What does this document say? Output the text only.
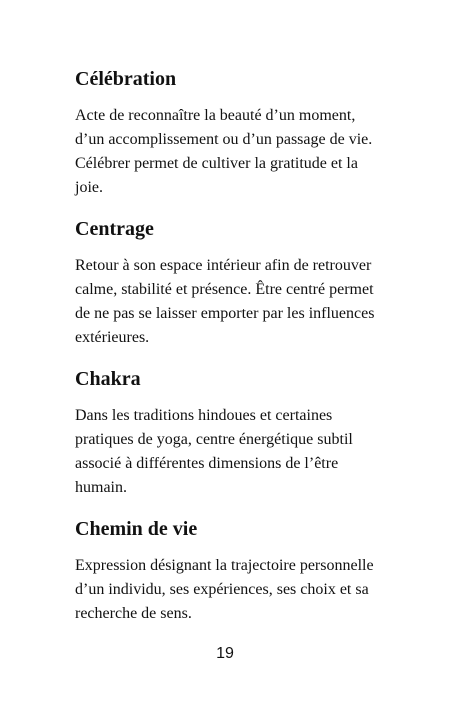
Célébration

Acte de reconnaître la beauté d’un moment,
d’un accomplissement ou d’un passage de vie.
Célébrer permet de cultiver la gratitude et la
joie.

Centrage

Retour à son espace intérieur afin de retrouver
calme, stabilité et présence. Être centré permet
de ne pas se laisser emporter par les influences
extérieures.

Chakra

Dans les traditions hindoues et certaines
pratiques de yoga, centre énergétique subtil
associé à différentes dimensions de l’être
humain.

Chemin de vie

Expression désignant la trajectoire personnelle
d’un individu, ses expériences, ses choix et sa
recherche de sens.

19
